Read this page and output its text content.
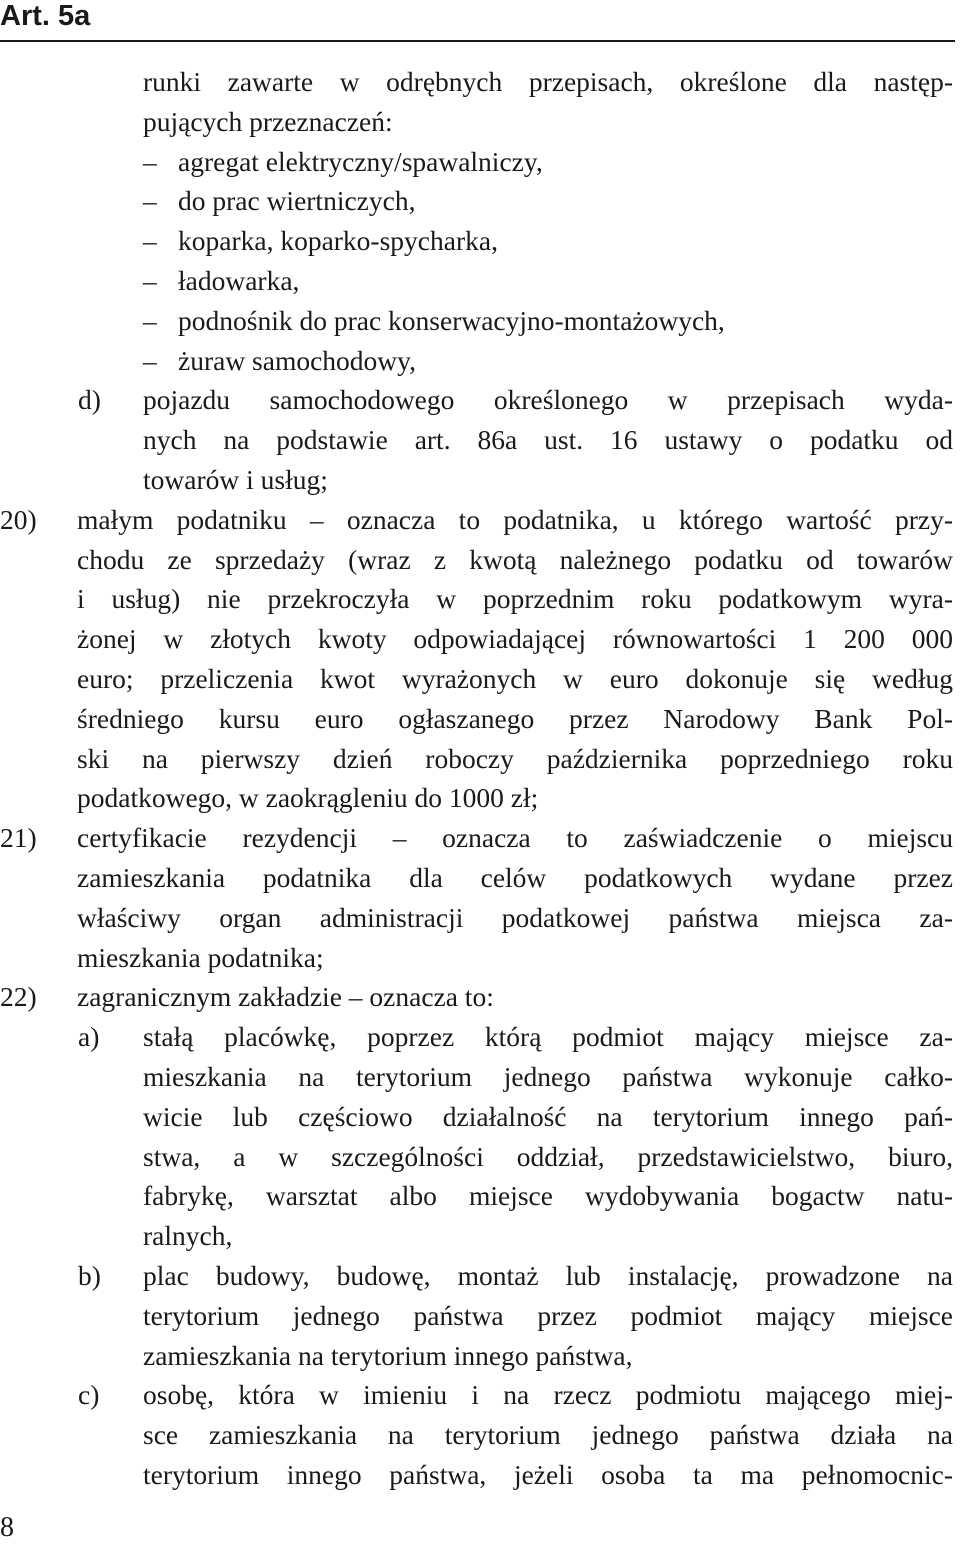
Art. 5a
runki zawarte w odrębnych przepisach, określone dla następ-
pujących przeznaczeń:
– agregat elektryczny/spawalniczy,
– do prac wiertniczych,
– koparka, koparko-spycharka,
– ładowarka,
– podnośnik do prac konserwacyjno-montażowych,
– żuraw samochodowy,
d) pojazdu samochodowego określonego w przepisach wyda-
nych na podstawie art. 86a ust. 16 ustawy o podatku od
towarów i usług;
20) małym podatniku – oznacza to podatnika, u którego wartość przy-
chodu ze sprzedaży (wraz z kwotą należnego podatku od towarów
i usług) nie przekroczyła w poprzednim roku podatkowym wyra-
żonej w złotych kwoty odpowiadającej równowartości 1 200 000
euro; przeliczenia kwot wyrażonych w euro dokonuje się według
średniego kursu euro ogłaszanego przez Narodowy Bank Pol-
ski na pierwszy dzień roboczy października poprzedniego roku
podatkowego, w zaokrągleniu do 1000 zł;
21) certyfikacie rezydencji – oznacza to zaświadczenie o miejscu
zamieszkania podatnika dla celów podatkowych wydane przez
właściwy organ administracji podatkowej państwa miejsca za-
mieszkania podatnika;
22) zagranicznym zakładzie – oznacza to:
a) stałą placówkę, poprzez którą podmiot mający miejsce za-
mieszkania na terytorium jednego państwa wykonuje całko-
wicie lub częściowo działalność na terytorium innego pań-
stwa, a w szczególności oddział, przedstawicielstwo, biuro,
fabrykę, warsztat albo miejsce wydobywania bogactw natu-
ralnych,
b) plac budowy, budowę, montaż lub instalację, prowadzone na
terytorium jednego państwa przez podmiot mający miejsce
zamieszkania na terytorium innego państwa,
c) osobę, która w imieniu i na rzecz podmiotu mającego miej-
sce zamieszkania na terytorium jednego państwa działa na
terytorium innego państwa, jeżeli osoba ta ma pełnomocnic-
8
